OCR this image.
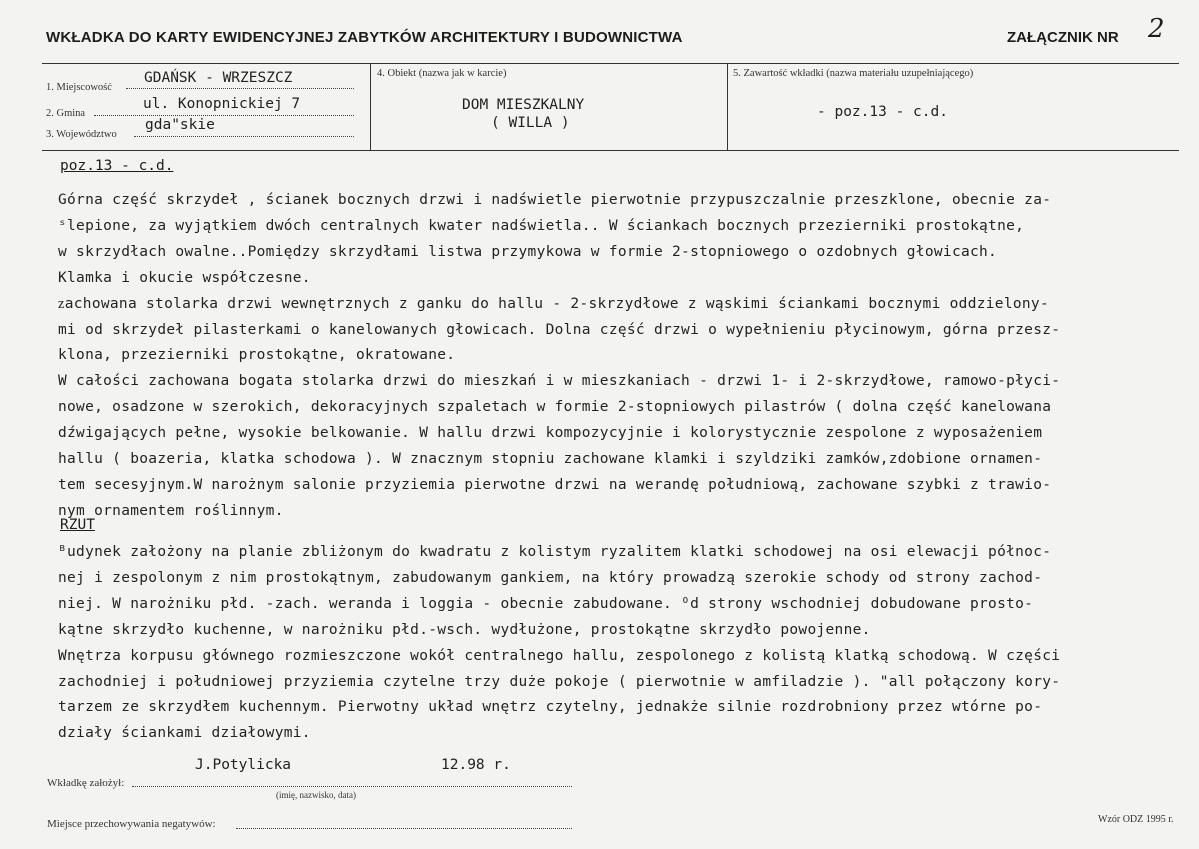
WKŁADKA DO KARTY EWIDENCYJNEJ ZABYTKÓW ARCHITEKTURY I BUDOWNICTWA	ZAŁĄCZNIK NR 2
1. Miejscowość
GDAŃSK - WRZESZCZ
2. Gmina
ul. Konopnickiej 7
3. Województwo
gda"skie
4. Obiekt (nazwa jak w karcie)
DOM MIESZKALNY
( WILLA )
5. Zawartość wkładki (nazwa materiału uzupełniającego)
- poz.13 - c.d.
poz.13 - c.d.
Górna część skrzydeł , ścianek bocznych drzwi i nadświetle pierwotnie przypuszczalnie przeszklone, obecnie za-
ˢlepione, za wyjątkiem dwóch centralnych kwater nadświetla.. W ściankach bocznych przezierniki prostokątne,
w skrzydłach owalne..Pomiędzy skrzydłami listwa przymykowa w formie 2-stopniowego o ozdobnych głowicach.
Klamka i okucie współczesne.
ᴢachowana stolarka drzwi wewnętrznych z ganku do hallu - 2-skrzydłowe z wąskimi ściankami bocznymi oddzielony-
mi od skrzydeł pilasterkami o kanelowanych głowicach. Dolna część drzwi o wypełnieniu płycinowym, górna przesz-
klona, przezierniki prostokątne, okratowane.
W całości zachowana bogata stolarka drzwi do mieszkań i w mieszkaniach - drzwi 1- i 2-skrzydłowe, ramowo-płyci-
nowe, osadzone w szerokich, dekoracyjnych szpaletach w formie 2-stopniowych pilastrów ( dolna część kanelowana
dźwigających pełne, wysokie belkowanie. W hallu drzwi kompozycyjnie i kolorystycznie zespolone z wyposażeniem
hallu ( boazeria, klatka schodowa ). W znacznym stopniu zachowane klamki i szyldziki zamków,zdobione ornamen-
tem secesyjnym.W narożnym salonie przyziemia pierwotne drzwi na werandę południową, zachowane szybki z trawio-
nym ornamentem roślinnym.
RZUT
ᴮudynek założony na planie zbliżonym do kwadratu z kolistym ryzalitem klatki schodowej na osi elewacji północ-
nej i zespolonym z nim prostokątnym, zabudowanym gankiem, na który prowadzą szerokie schody od strony zachod-
niej. W narożniku płd. -zach. weranda i loggia - obecnie zabudowane. ᴼd strony wschodniej dobudowane prosto-
kątne skrzydło kuchenne, w narożniku płd.-wsch. wydłużone, prostokątne skrzydło powojenne.
Wnętrza korpusu głównego rozmieszczone wokół centralnego hallu, zespolonego z kolistą klatką schodową. W części
zachodniej i południowej przyziemia czytelne trzy duże pokoje ( pierwotnie w amfiladzie ). "all połączony kory-
tarzem ze skrzydłem kuchennym. Pierwotny układ wnętrz czytelny, jednakże silnie rozdrobniony przez wtórne po-
działy ściankami działowymi.
J.Potylicka	12.98 r.
Wkładkę założył:
(imię, nazwisko, data)
Miejsce przechowywania negatywów:	Wzór ODZ 1995 r.
